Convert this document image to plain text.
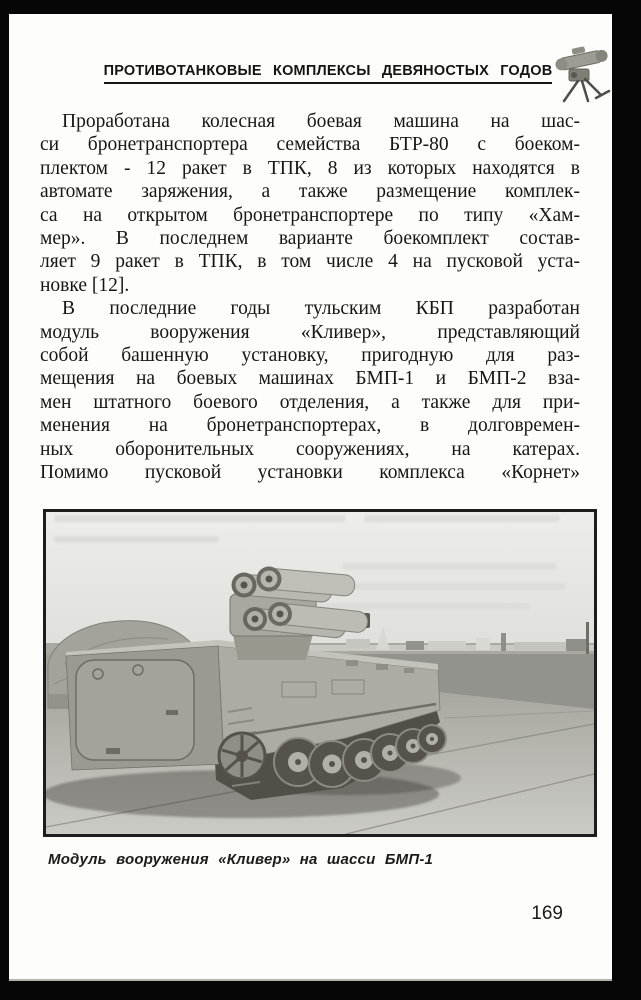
ПРОТИВОТАНКОВЫЕ КОМПЛЕКСЫ ДЕВЯНОСТЫХ ГОДОВ
Проработана колесная боевая машина на шас-
си бронетранспортера семейства БТР-80 с боеком-
плектом - 12 ракет в ТПК, 8 из которых находятся в
автомате заряжения, а также размещение комплек-
са на открытом бронетранспортере по типу «Хам-
мер». В последнем варианте боекомплект состав-
ляет 9 ракет в ТПК, в том числе 4 на пусковой уста-
новке [12].
В последние годы тульским КБП разработан
модуль вооружения «Кливер», представляющий
собой башенную установку, пригодную для раз-
мещения на боевых машинах БМП-1 и БМП-2 вза-
мен штатного боевого отделения, а также для при-
менения на бронетранспортерах, в долговремен-
ных оборонительных сооружениях, на катерах.
Помимо пусковой установки комплекса «Корнет»
Модуль вооружения «Кливер» на шасси БМП-1
169
